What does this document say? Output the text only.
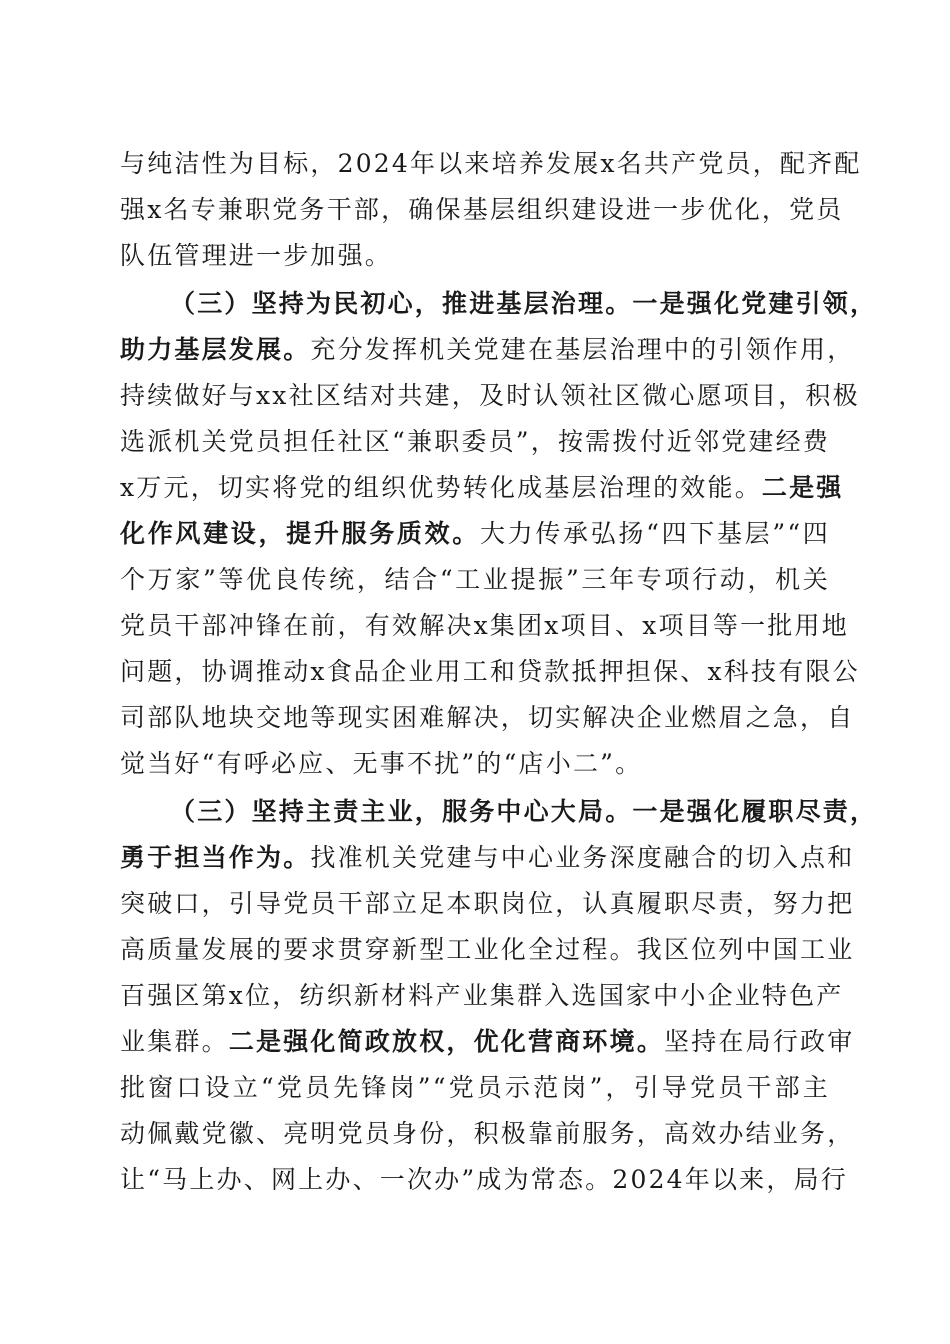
与纯洁性为目标，2024年以来培养发展x名共产党员，配齐配
强x名专兼职党务干部，确保基层组织建设进一步优化，党员
队伍管理进一步加强。
（三）坚持为民初心，推进基层治理。一是强化党建引领，
助力基层发展。充分发挥机关党建在基层治理中的引领作用，
持续做好与xx社区结对共建，及时认领社区微心愿项目，积极
选派机关党员担任社区“兼职委员”，按需拨付近邻党建经费
x万元，切实将党的组织优势转化成基层治理的效能。二是强
化作风建设，提升服务质效。大力传承弘扬“四下基层”“四
个万家”等优良传统，结合“工业提振”三年专项行动，机关
党员干部冲锋在前，有效解决x集团x项目、x项目等一批用地
问题，协调推动x食品企业用工和贷款抵押担保、x科技有限公
司部队地块交地等现实困难解决，切实解决企业燃眉之急，自
觉当好“有呼必应、无事不扰”的“店小二”。
（三）坚持主责主业，服务中心大局。一是强化履职尽责，
勇于担当作为。找准机关党建与中心业务深度融合的切入点和
突破口，引导党员干部立足本职岗位，认真履职尽责，努力把
高质量发展的要求贯穿新型工业化全过程。我区位列中国工业
百强区第x位，纺织新材料产业集群入选国家中小企业特色产
业集群。二是强化简政放权，优化营商环境。坚持在局行政审
批窗口设立“党员先锋岗”“党员示范岗”，引导党员干部主
动佩戴党徽、亮明党员身份，积极靠前服务，高效办结业务，
让“马上办、网上办、一次办”成为常态。2024年以来，局行
